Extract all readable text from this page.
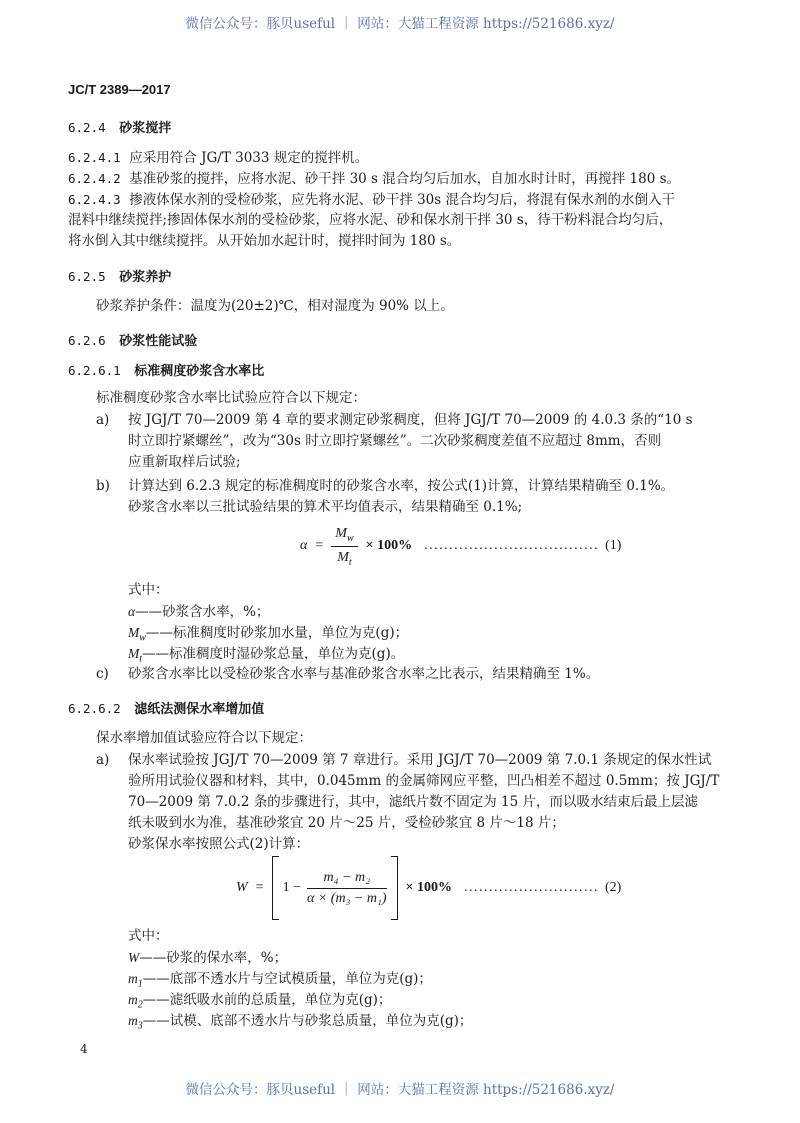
微信公众号：豚贝useful ｜ 网站：大猫工程资源 https://521686.xyz/
JC/T 2389—2017
6.2.4 砂浆搅拌
6.2.4.1 应采用符合 JG/T 3033 规定的搅拌机。
6.2.4.2 基准砂浆的搅拌，应将水泥、砂干拌 30 s 混合均匀后加水，自加水时计时，再搅拌 180 s。
6.2.4.3 掺液体保水剂的受检砂浆，应先将水泥、砂干拌 30s 混合均匀后，将混有保水剂的水倒入干
混料中继续搅拌;掺固体保水剂的受检砂浆，应将水泥、砂和保水剂干拌 30 s，待干粉料混合均匀后，
将水倒入其中继续搅拌。从开始加水起计时，搅拌时间为 180 s。
6.2.5 砂浆养护
砂浆养护条件：温度为(20±2)℃，相对湿度为 90% 以上。
6.2.6 砂浆性能试验
6.2.6.1 标准稠度砂浆含水率比
标准稠度砂浆含水率比试验应符合以下规定：
a) 按 JGJ/T 70—2009 第 4 章的要求测定砂浆稠度，但将 JGJ/T 70—2009 的 4.0.3 条的“10 s
时立即拧紧螺丝”，改为“30s 时立即拧紧螺丝”。二次砂浆稠度差值不应超过 8mm，否则
应重新取样后试验;
b) 计算达到 6.2.3 规定的标准稠度时的砂浆含水率，按公式(1)计算，计算结果精确至 0.1%。
砂浆含水率以三批试验结果的算术平均值表示，结果精确至 0.1%;
$\alpha = \frac{M_w}{M_t} \times 100\%$ ................................... (1)
式中：
α——砂浆含水率，%；
$M_w——$标准稠度时砂浆加水量，单位为克(g)；
$M_t——$标准稠度时湿砂浆总量，单位为克(g)。
c) 砂浆含水率比以受检砂浆含水率与基准砂浆含水率之比表示，结果精确至 1%。
6.2.6.2 滤纸法测保水率增加值
保水率增加值试验应符合以下规定：
a) 保水率试验按 JGJ/T 70—2009 第 7 章进行。采用 JGJ/T 70—2009 第 7.0.1 条规定的保水性试
验所用试验仪器和材料，其中，0.045mm 的金属筛网应平整，凹凸相差不超过 0.5mm；按 JGJ/T
70—2009 第 7.0.2 条的步骤进行，其中，滤纸片数不固定为 15 片，而以吸水结束后最上层滤
纸未吸到水为准，基准砂浆宜 20 片～25 片，受检砂浆宜 8 片～18 片；
砂浆保水率按照公式(2)计算：
$W = 1 - \frac{\text{m₄ − m₂}}{\text{α × (m₃ − m₁)}} \times 100\%$ ........................... (2)
式中：
W——砂浆的保水率，%；
$m_1——$底部不透水片与空试模质量，单位为克(g)；
$m_2——$滤纸吸水前的总质量，单位为克(g)；
$m_3——$试模、底部不透水片与砂浆总质量，单位为克(g)；
4
微信公众号：豚贝useful ｜ 网站：大猫工程资源 https://521686.xyz/
